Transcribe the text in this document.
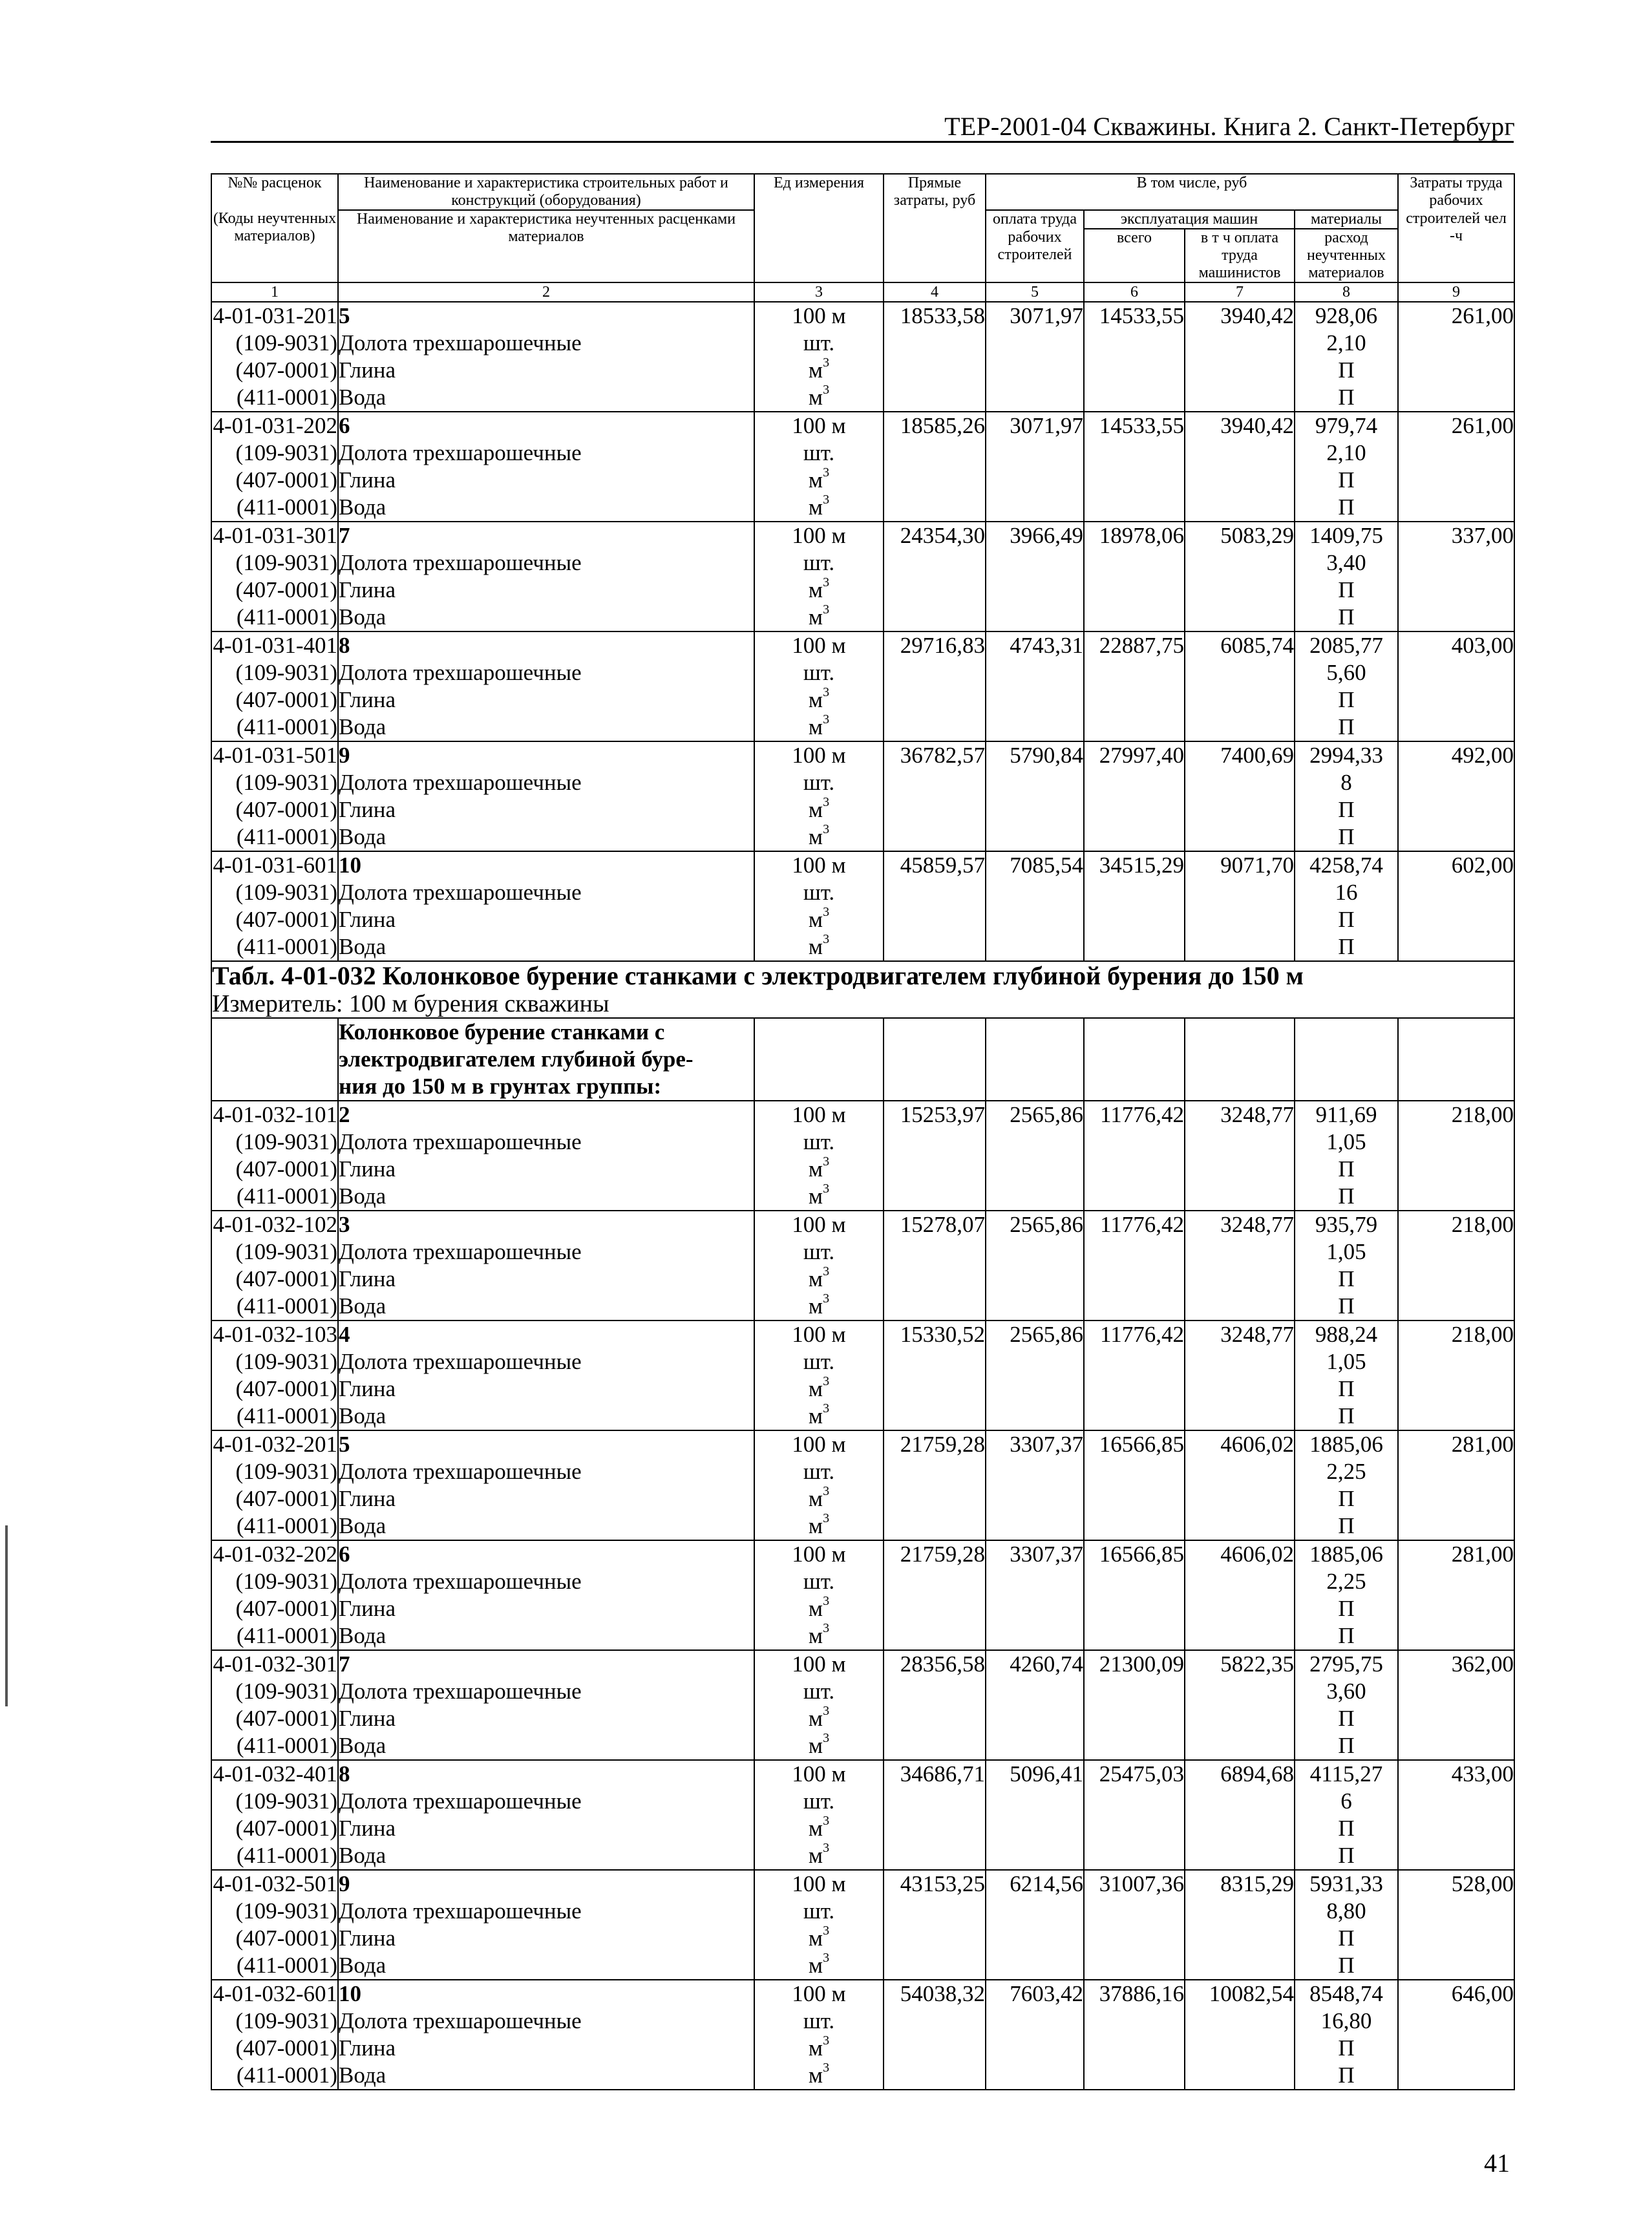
ТЕР-2001-04 Скважины. Книга 2. Санкт-Петербург
№№ расценок	Наименование и характеристика строительных работ и конструкций (оборудования)	Ед измерения	Прямые затраты, руб	В том числе, руб				Затраты труда рабочих
(Коды неучтенных материалов)	Наименование и характеристика неучтенных расценками материалов			оплата труда	эксплуатация машин		материалы	строителей чел -ч
				рабочих строителей	всего	в т ч оплата труда машинистов	расход неучтенных материалов	
1	2	3	4	5	6	7	8	9
4-01-031-201	5	100 м	18533,58	3071,97	14533,55	3940,42	928,06	261,00
(109-9031)	Долота трехшарошечные	шт.					2,10	
(407-0001)	Глина	$м^3$					П	
(411-0001)	Вода	$м^3$					П	
4-01-031-202	6	100 м	18585,26	3071,97	14533,55	3940,42	979,74	261,00
(109-9031)	Долота трехшарошечные	шт.					2,10	
(407-0001)	Глина	$м^3$					П	
(411-0001)	Вода	$м^3$					П	
4-01-031-301	7	100 м	24354,30	3966,49	18978,06	5083,29	1409,75	337,00
(109-9031)	Долота трехшарошечные	шт.					3,40	
(407-0001)	Глина	$м^3$					П	
(411-0001)	Вода	$м^3$					П	
4-01-031-401	8	100 м	29716,83	4743,31	22887,75	6085,74	2085,77	403,00
(109-9031)	Долота трехшарошечные	шт.					5,60	
(407-0001)	Глина	$м^3$					П	
(411-0001)	Вода	$м^3$					П	
4-01-031-501	9	100 м	36782,57	5790,84	27997,40	7400,69	2994,33	492,00
(109-9031)	Долота трехшарошечные	шт.					8	
(407-0001)	Глина	$м^3$					П	
(411-0001)	Вода	$м^3$					П	
4-01-031-601	10	100 м	45859,57	7085,54	34515,29	9071,70	4258,74	602,00
(109-9031)	Долота трехшарошечные	шт.					16	
(407-0001)	Глина	$м^3$					П	
(411-0001)	Вода	$м^3$					П	

Табл. 4-01-032 Колонковое бурение станками с электродвигателем глубиной бурения до 150 м
Измеритель: 100 м бурения скважины								

	Колонковое бурение станками с							
	электродвигателем глубиной буре-							
	ния до 150 м в грунтах группы:							
4-01-032-101	2	100 м	15253,97	2565,86	11776,42	3248,77	911,69	218,00
(109-9031)	Долота трехшарошечные	шт.					1,05	
(407-0001)	Глина	$м^3$					П	
(411-0001)	Вода	$м^3$					П	
4-01-032-102	3	100 м	15278,07	2565,86	11776,42	3248,77	935,79	218,00
(109-9031)	Долота трехшарошечные	шт.					1,05	
(407-0001)	Глина	$м^3$					П	
(411-0001)	Вода	$м^3$					П	
4-01-032-103	4	100 м	15330,52	2565,86	11776,42	3248,77	988,24	218,00
(109-9031)	Долота трехшарошечные	шт.					1,05	
(407-0001)	Глина	$м^3$					П	
(411-0001)	Вода	$м^3$					П	
4-01-032-201	5	100 м	21759,28	3307,37	16566,85	4606,02	1885,06	281,00
(109-9031)	Долота трехшарошечные	шт.					2,25	
(407-0001)	Глина	$м^3$					П	
(411-0001)	Вода	$м^3$					П	
4-01-032-202	6	100 м	21759,28	3307,37	16566,85	4606,02	1885,06	281,00
(109-9031)	Долота трехшарошечные	шт.					2,25	
(407-0001)	Глина	$м^3$					П	
(411-0001)	Вода	$м^3$					П	
4-01-032-301	7	100 м	28356,58	4260,74	21300,09	5822,35	2795,75	362,00
(109-9031)	Долота трехшарошечные	шт.					3,60	
(407-0001)	Глина	$м^3$					П	
(411-0001)	Вода	$м^3$					П	
4-01-032-401	8	100 м	34686,71	5096,41	25475,03	6894,68	4115,27	433,00
(109-9031)	Долота трехшарошечные	шт.					6	
(407-0001)	Глина	$м^3$					П	
(411-0001)	Вода	$м^3$					П	
4-01-032-501	9	100 м	43153,25	6214,56	31007,36	8315,29	5931,33	528,00
(109-9031)	Долота трехшарошечные	шт.					8,80	
(407-0001)	Глина	$м^3$					П	
(411-0001)	Вода	$м^3$					П	
4-01-032-601	10	100 м	54038,32	7603,42	37886,16	10082,54	8548,74	646,00
(109-9031)	Долота трехшарошечные	шт.					16,80	
(407-0001)	Глина	$м^3$					П	
(411-0001)	Вода	$м^3$					П	
41
